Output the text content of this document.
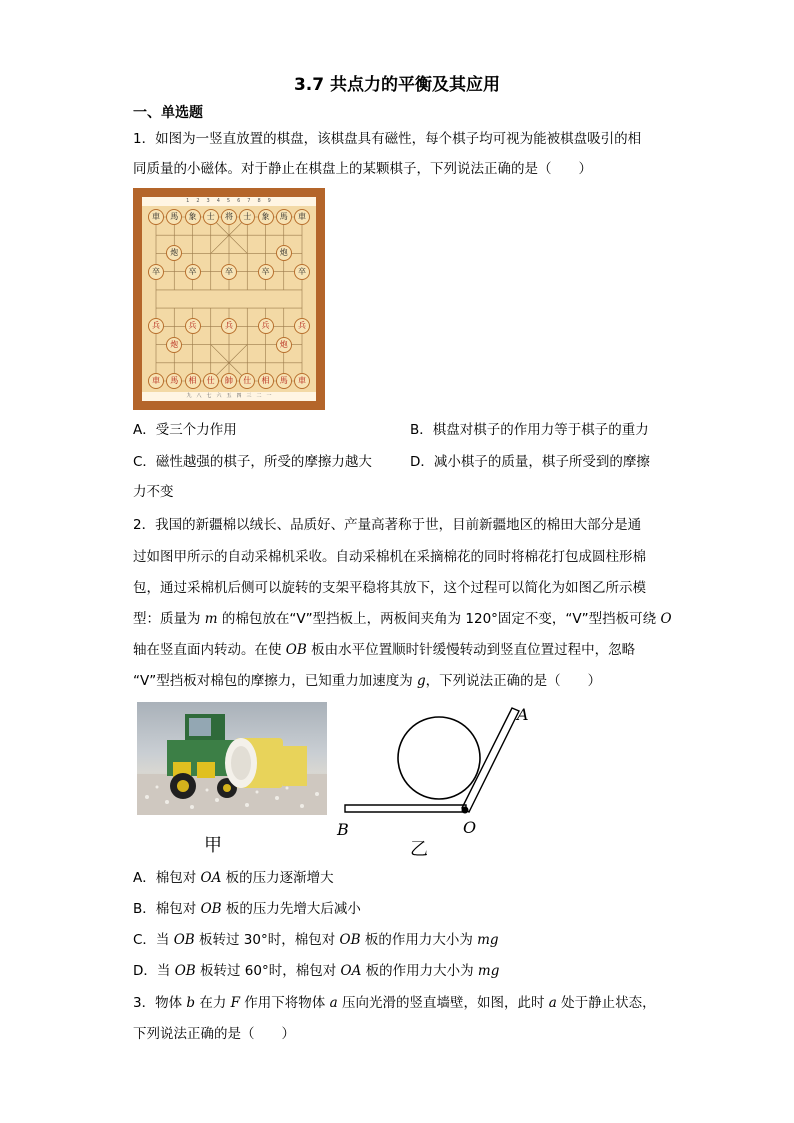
3.7 共点力的平衡及其应用
一、单选题
1．如图为一竖直放置的棋盘，该棋盘具有磁性，每个棋子均可视为能被棋盘吸引的相
同质量的小磁体。对于静止在棋盘上的某颗棋子，下列说法正确的是（　　）
1　2　3　4　5　6　7　8　9
九　八　七　六　五　四　三　二　一
車	馬	象	士	将	士	象	馬	車
炮	炮
卒	卒	卒	卒	卒
兵	兵	兵	兵	兵
炮	炮
車	馬	相	仕	帥	仕	相	馬	車
A．受三个力作用	B．棋盘对棋子的作用力等于棋子的重力
C．磁性越强的棋子，所受的摩擦力越大	D．减小棋子的质量，棋子所受到的摩擦
力不变
2．我国的新疆棉以绒长、品质好、产量高著称于世，目前新疆地区的棉田大部分是通
过如图甲所示的自动采棉机采收。自动采棉机在采摘棉花的同时将棉花打包成圆柱形棉
包，通过采棉机后侧可以旋转的支架平稳将其放下，这个过程可以简化为如图乙所示模
型：质量为 m 的棉包放在“V”型挡板上，两板间夹角为 120°固定不变，“V”型挡板可绕 O
轴在竖直面内转动。在使 OB 板由水平位置顺时针缓慢转动到竖直位置过程中，忽略
“V”型挡板对棉包的摩擦力，已知重力加速度为 g，下列说法正确的是（　　）
甲
A
B	O
乙
A．棉包对 OA 板的压力逐渐增大
B．棉包对 OB 板的压力先增大后减小
C．当 OB 板转过 30°时，棉包对 OB 板的作用力大小为 mg
D．当 OB 板转过 60°时，棉包对 OA 板的作用力大小为 mg
3．物体 b 在力 F 作用下将物体 a 压向光滑的竖直墙壁，如图，此时 a 处于静止状态，
下列说法正确的是（　　）
